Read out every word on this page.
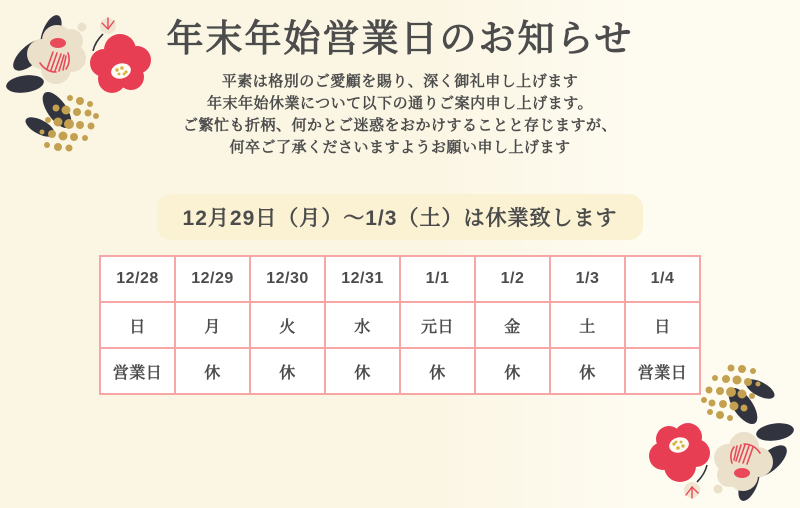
年末年始営業日のお知らせ

平素は格別のご愛顧を賜り、深く御礼申し上げます

年末年始休業について以下の通りご案内申し上げます。

ご繁忙も折柄、何かとご迷惑をおかけすることと存じますが、

何卒ご了承くださいますようお願い申し上げます

12月29日（月）〜1/3（土）は休業致します
12/28	12/29	12/30	12/31	1/1	1/2	1/3	1/4
日	月	火	水	元日	金	土	日
営業日	休	休	休	休	休	休	営業日
